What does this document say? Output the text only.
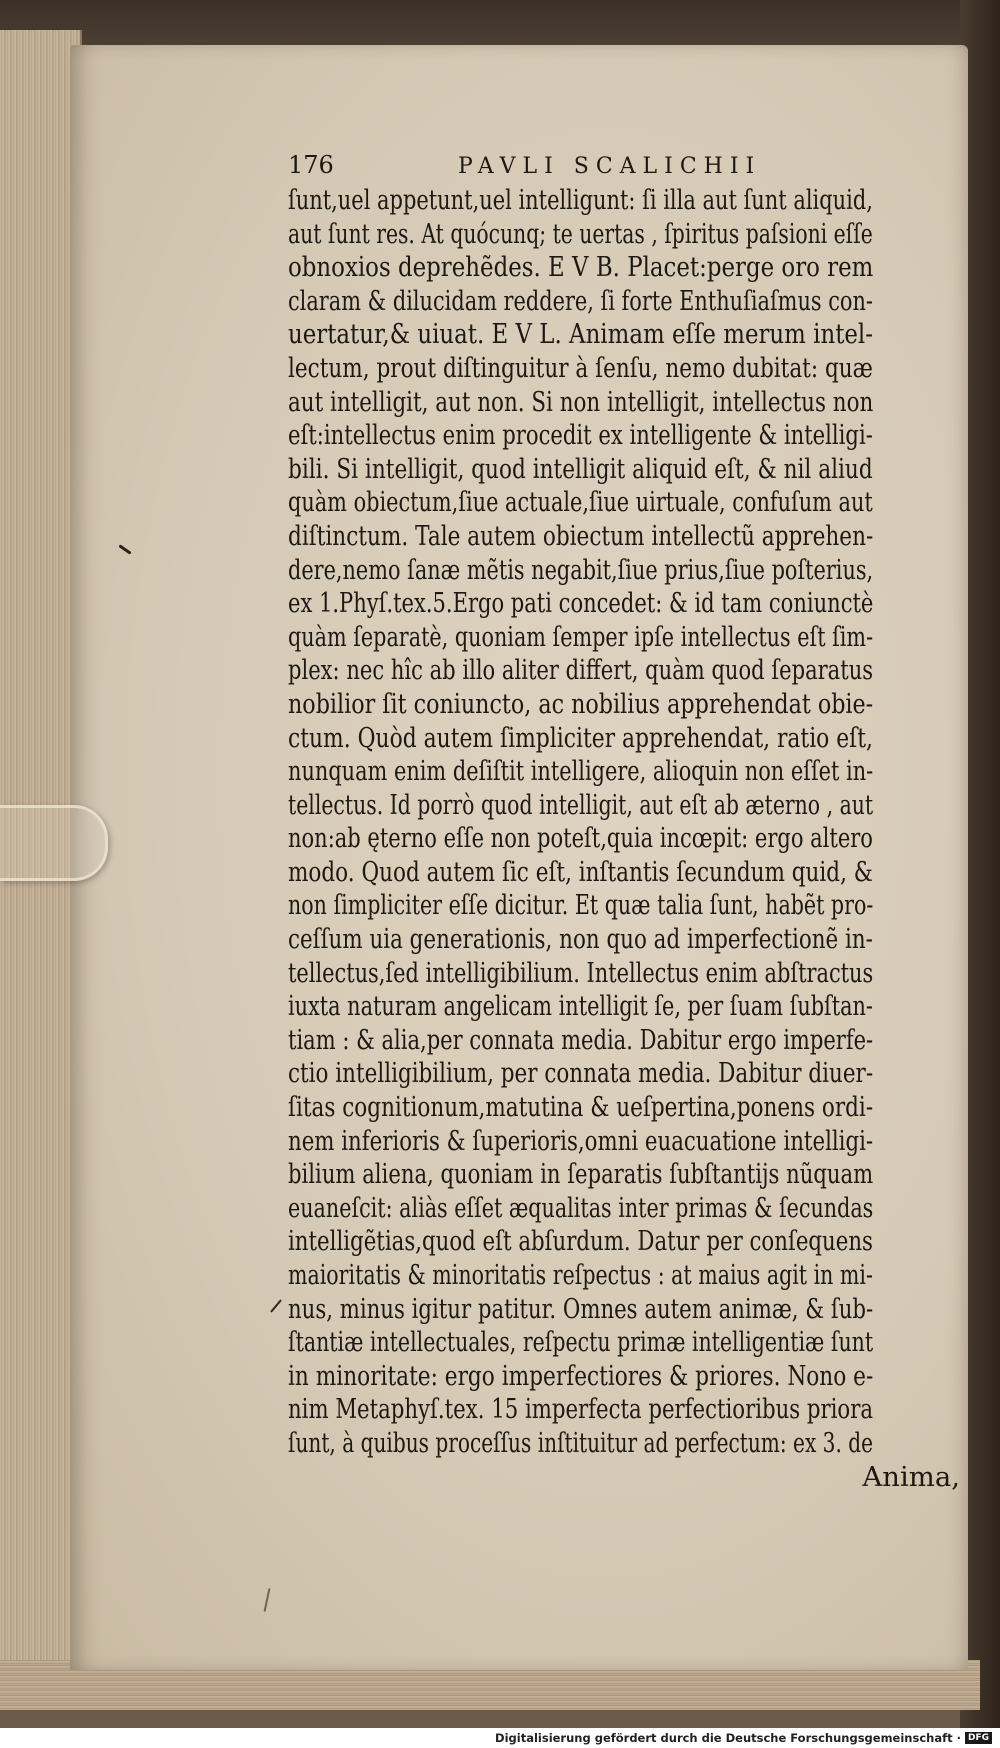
176	PAVLI SCALICHII
ſunt,uel appetunt,uel intelligunt: ſi illa aut ſunt aliquid,
aut ſunt res. At quócunq; te uertas , ſpiritus paſsioni eſſe
obnoxios deprehẽdes. E V B. Placet:perge oro rem
claram & dilucidam reddere, ſi forte Enthuſiaſmus con-
uertatur,& uiuat. E V L. Animam eſſe merum intel-
lectum, prout diſtinguitur à ſenſu, nemo dubitat: quæ
aut intelligit, aut non. Si non intelligit, intellectus non
eſt:intellectus enim procedit ex intelligente & intelligi-
bili. Si intelligit, quod intelligit aliquid eſt, & nil aliud
quàm obiectum,ſiue actuale,ſiue uirtuale, confuſum aut
diſtinctum. Tale autem obiectum intellectũ apprehen-
dere,nemo ſanæ mẽtis negabit,ſiue prius,ſiue poſterius,
ex 1.Phyſ.tex.5.Ergo pati concedet: & id tam coniunctè
quàm ſeparatè, quoniam ſemper ipſe intellectus eſt ſim-
plex: nec hîc ab illo aliter differt, quàm quod ſeparatus
nobilior ſit coniuncto, ac nobilius apprehendat obie-
ctum. Quòd autem ſimpliciter apprehendat, ratio eſt,
nunquam enim deſiſtit intelligere, alioquin non eſſet in-
tellectus. Id porrò quod intelligit, aut eſt ab æterno , aut
non:ab ęterno eſſe non poteſt,quia incœpit: ergo altero
modo. Quod autem ſic eſt, inſtantis ſecundum quid, &
non ſimpliciter eſſe dicitur. Et quæ talia ſunt, habẽt pro-
ceſſum uia generationis, non quo ad imperfectionẽ in-
tellectus,ſed intelligibilium. Intellectus enim abſtractus
iuxta naturam angelicam intelligit ſe, per ſuam ſubſtan-
tiam : & alia,per connata media. Dabitur ergo imperfe-
ctio intelligibilium, per connata media. Dabitur diuer-
ſitas cognitionum,matutina & ueſpertina,ponens ordi-
nem inferioris & ſuperioris,omni euacuatione intelligi-
bilium aliena, quoniam in ſeparatis ſubſtantijs nũquam
euaneſcit: aliàs eſſet æqualitas inter primas & ſecundas
intelligẽtias,quod eſt abſurdum. Datur per conſequens
maioritatis & minoritatis reſpectus : at maius agit in mi-
nus, minus igitur patitur. Omnes autem animæ, & ſub-
ſtantiæ intellectuales, reſpectu primæ intelligentiæ ſunt
in minoritate: ergo imperfectiores & priores. Nono e-
nim Metaphyſ.tex. 15 imperfecta perfectioribus priora
ſunt, à quibus proceſſus inſtituitur ad perfectum: ex 3. de
Anima,
Digitalisierung gefördert durch die Deutsche Forschungsgemeinschaft · DFG
